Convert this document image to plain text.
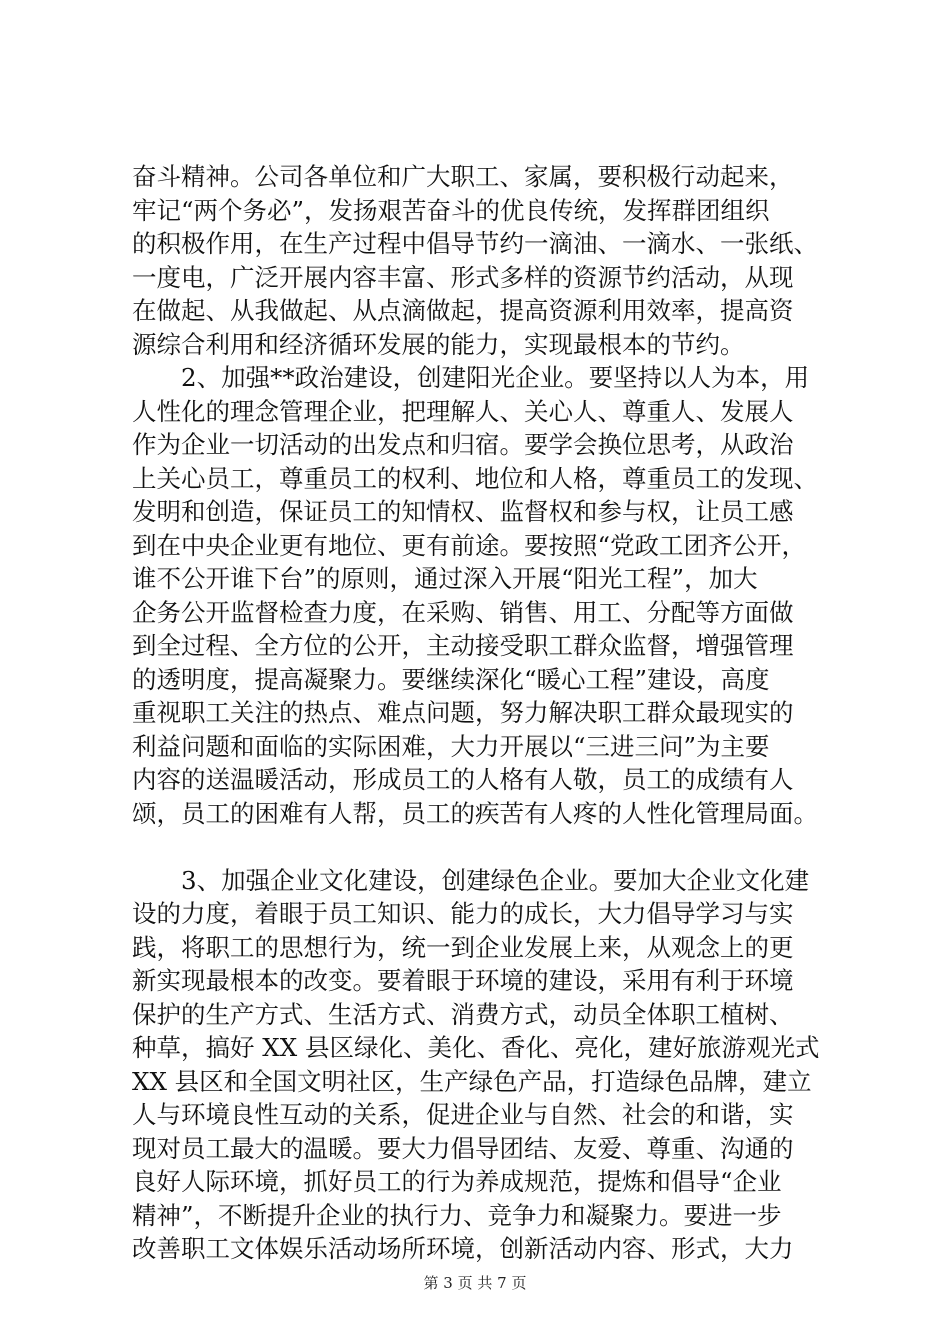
奋斗精神。公司各单位和广大职工、家属，要积极行动起来，
牢记“两个务必”，发扬艰苦奋斗的优良传统，发挥群团组织
的积极作用，在生产过程中倡导节约一滴油、一滴水、一张纸、
一度电，广泛开展内容丰富、形式多样的资源节约活动，从现
在做起、从我做起、从点滴做起，提高资源利用效率，提高资
源综合利用和经济循环发展的能力，实现最根本的节约。
　　2、加强**政治建设，创建阳光企业。要坚持以人为本，用
人性化的理念管理企业，把理解人、关心人、尊重人、发展人
作为企业一切活动的出发点和归宿。要学会换位思考，从政治
上关心员工，尊重员工的权利、地位和人格，尊重员工的发现、
发明和创造，保证员工的知情权、监督权和参与权，让员工感
到在中央企业更有地位、更有前途。要按照“党政工团齐公开，
谁不公开谁下台”的原则，通过深入开展“阳光工程”，加大
企务公开监督检查力度，在采购、销售、用工、分配等方面做
到全过程、全方位的公开，主动接受职工群众监督，增强管理
的透明度，提高凝聚力。要继续深化“暖心工程”建设，高度
重视职工关注的热点、难点问题，努力解决职工群众最现实的
利益问题和面临的实际困难，大力开展以“三进三问”为主要
内容的送温暖活动，形成员工的人格有人敬，员工的成绩有人
颂，员工的困难有人帮，员工的疾苦有人疼的人性化管理局面。
　　3、加强企业文化建设，创建绿色企业。要加大企业文化建
设的力度，着眼于员工知识、能力的成长，大力倡导学习与实
践，将职工的思想行为，统一到企业发展上来，从观念上的更
新实现最根本的改变。要着眼于环境的建设，采用有利于环境
保护的生产方式、生活方式、消费方式，动员全体职工植树、
种草，搞好 XX 县区绿化、美化、香化、亮化，建好旅游观光式
XX 县区和全国文明社区，生产绿色产品，打造绿色品牌，建立
人与环境良性互动的关系，促进企业与自然、社会的和谐，实
现对员工最大的温暖。要大力倡导团结、友爱、尊重、沟通的
良好人际环境，抓好员工的行为养成规范，提炼和倡导“企业
精神”，不断提升企业的执行力、竞争力和凝聚力。要进一步
改善职工文体娱乐活动场所环境，创新活动内容、形式，大力
第 3 页 共 7 页
